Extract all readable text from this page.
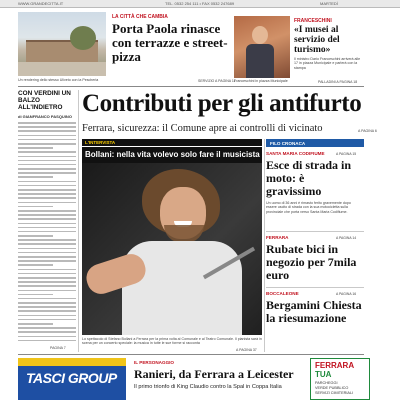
WWW.GRANDECITTA.IT	TEL. 0532 254 111 • FAX 0532 247689	MARTEDÌ
Un rendering dello stesso Uliveto con la Pescheria
LA CITTÀ CHE CAMBIA
Porta Paola rinasce con terrazze e street-pizza
SERVIZIO A PAGINA 11
Franceschini in piazza Municipale
FRANCESCHINI
«I musei al servizio del turismo»
Il ministro Dario Franceschini arriverà alle 17 in piazza Municipale e parlerà con la stampa
PALLADINI A PAGINA 18
CON VERDINI UN BALZO ALL'INDIETRO
di GIANFRANCO PASQUINO
PAGINA 7
Contributi per gli antifurto
Ferrara, sicurezza: il Comune apre ai controlli di vicinato	A PAGINA 6
L'INTERVISTA
Bollani: nella vita volevo solo fare il musicista
Lo spettacolo di Stefano Bollani a Ferrara per la prima volta al Comunale e al Teatro Comunale. Il pianista sarà in scena per un concerto speciale: la musica in tutte le sue forme si racconta
A PAGINA 37
FILO CRONACA
SANTA MARIA CODIFIUME	A PAGINA 15
Esce di strada in moto: è gravissimo
Un uomo di 36 anni è rimasto ferito gravemente dopo essere uscito di strada con la sua motocicletta sulla provinciale che porta verso Santa Maria Codifiume.
FERRARA	A PAGINA 14
Rubate bici in negozio per 7mila euro
BOCCALEONE	A PAGINA 16
Bergamini Chiesta la riesumazione
TASCI GROUP
IL PERSONAGGIO
Ranieri, da Ferrara a Leicester
Il primo trionfo di King Claudio contro la Spal in Coppa Italia
FERRARA
TUA
PARCHEGGI
VERDE PUBBLICO
SERVIZI CIMITERIALI
